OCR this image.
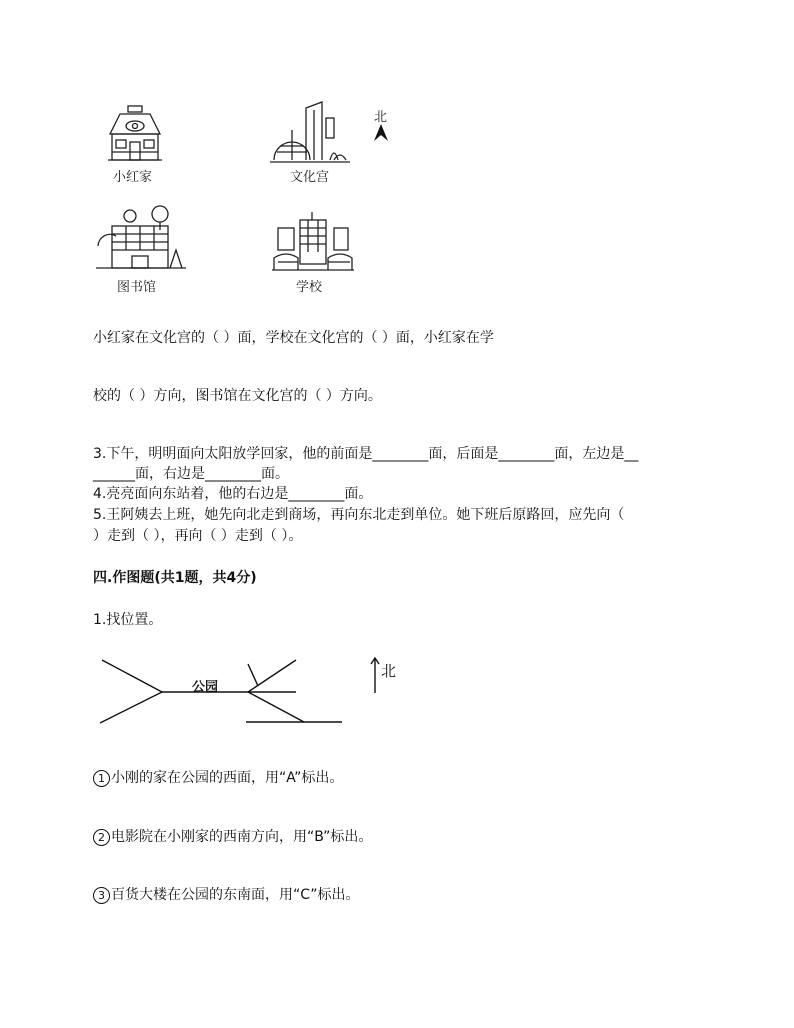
小红家	文化宫
北
图书馆	学校
小红家在文化宫的（ ）面，学校在文化宫的（ ）面，小红家在学
校的（ ）方向，图书馆在文化宫的（ ）方向。
3.下午，明明面向太阳放学回家，他的前面是________面，后面是________面，左边是__
______面，右边是________面。
4.亮亮面向东站着，他的右边是________面。
5.王阿姨去上班，她先向北走到商场，再向东北走到单位。她下班后原路回，应先向（
）走到（ ），再向（ ）走到（ ）。
四.作图题(共1题，共4分)
1.找位置。
公园
北
1 小刚的家在公园的西面，用“A”标出。
2 电影院在小刚家的西南方向，用“B”标出。
3 百货大楼在公园的东南面，用“C”标出。
